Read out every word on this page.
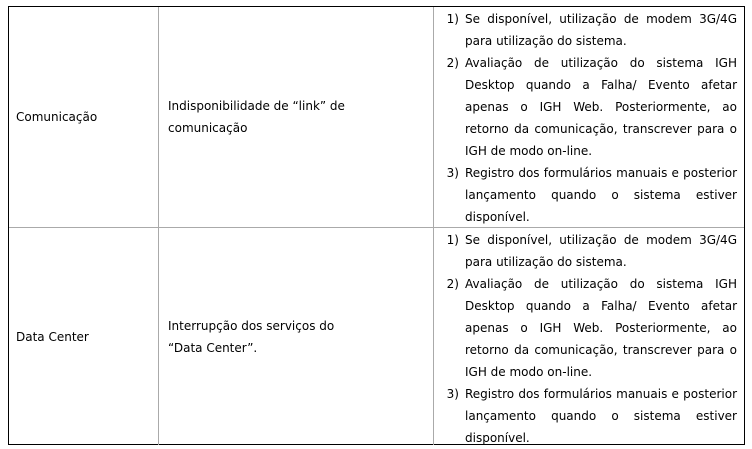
Comunicação
Indisponibilidade de “link” de comunicação
1) Se disponível, utilização de modem 3G/4G para utilização do sistema.
2) Avaliação de utilização do sistema IGH Desktop quando a Falha/ Evento afetar apenas o IGH Web. Posteriormente, ao retorno da comunicação, transcrever para o IGH de modo on-line.
3) Registro dos formulários manuais e posterior lançamento quando o sistema estiver disponível.
Data Center
Interrupção dos serviços do “Data Center”.
1) Se disponível, utilização de modem 3G/4G para utilização do sistema.
2) Avaliação de utilização do sistema IGH Desktop quando a Falha/ Evento afetar apenas o IGH Web. Posteriormente, ao retorno da comunicação, transcrever para o IGH de modo on-line.
3) Registro dos formulários manuais e posterior lançamento quando o sistema estiver disponível.
